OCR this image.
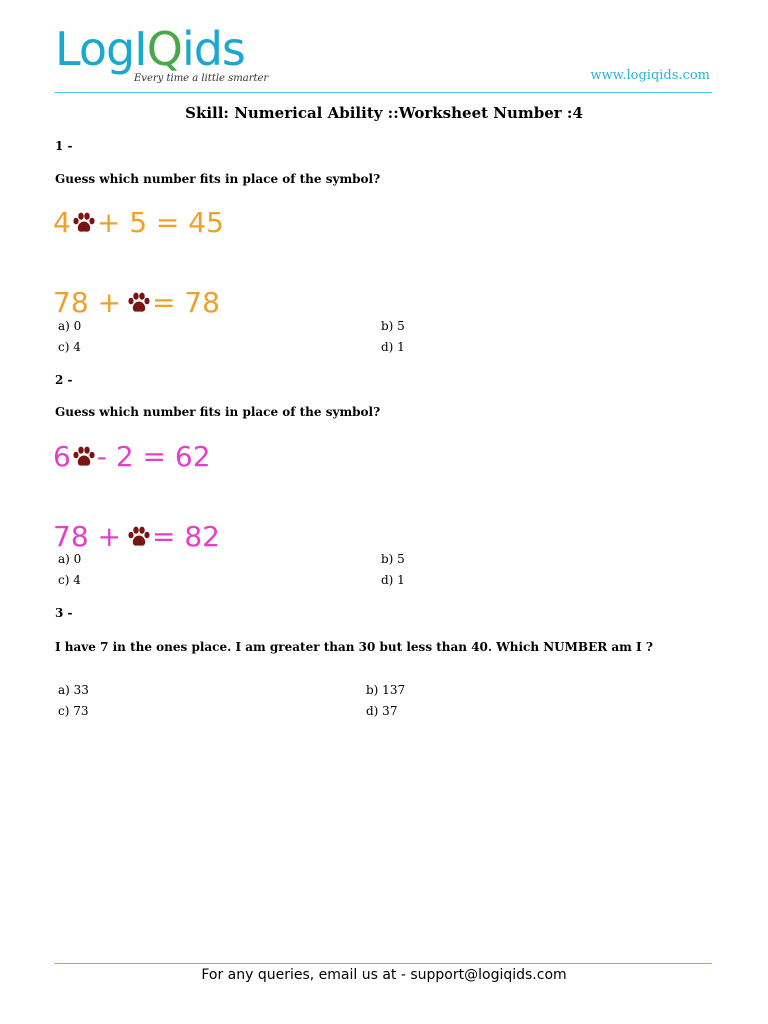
LogIQids
Every time a little smarter	www.logiqids.com
Skill: Numerical Ability ::Worksheet Number :4
1 -
Guess which number fits in place of the symbol?
4 + 5 = 45
78 + = 78
a) 0	b) 5
c) 4	d) 1
2 -
Guess which number fits in place of the symbol?
6 - 2 = 62
78 + = 82
a) 0	b) 5
c) 4	d) 1
3 -
I have 7 in the ones place. I am greater than 30 but less than 40. Which NUMBER am I ?
a) 33	b) 137
c) 73	d) 37
For any queries, email us at - support@logiqids.com
